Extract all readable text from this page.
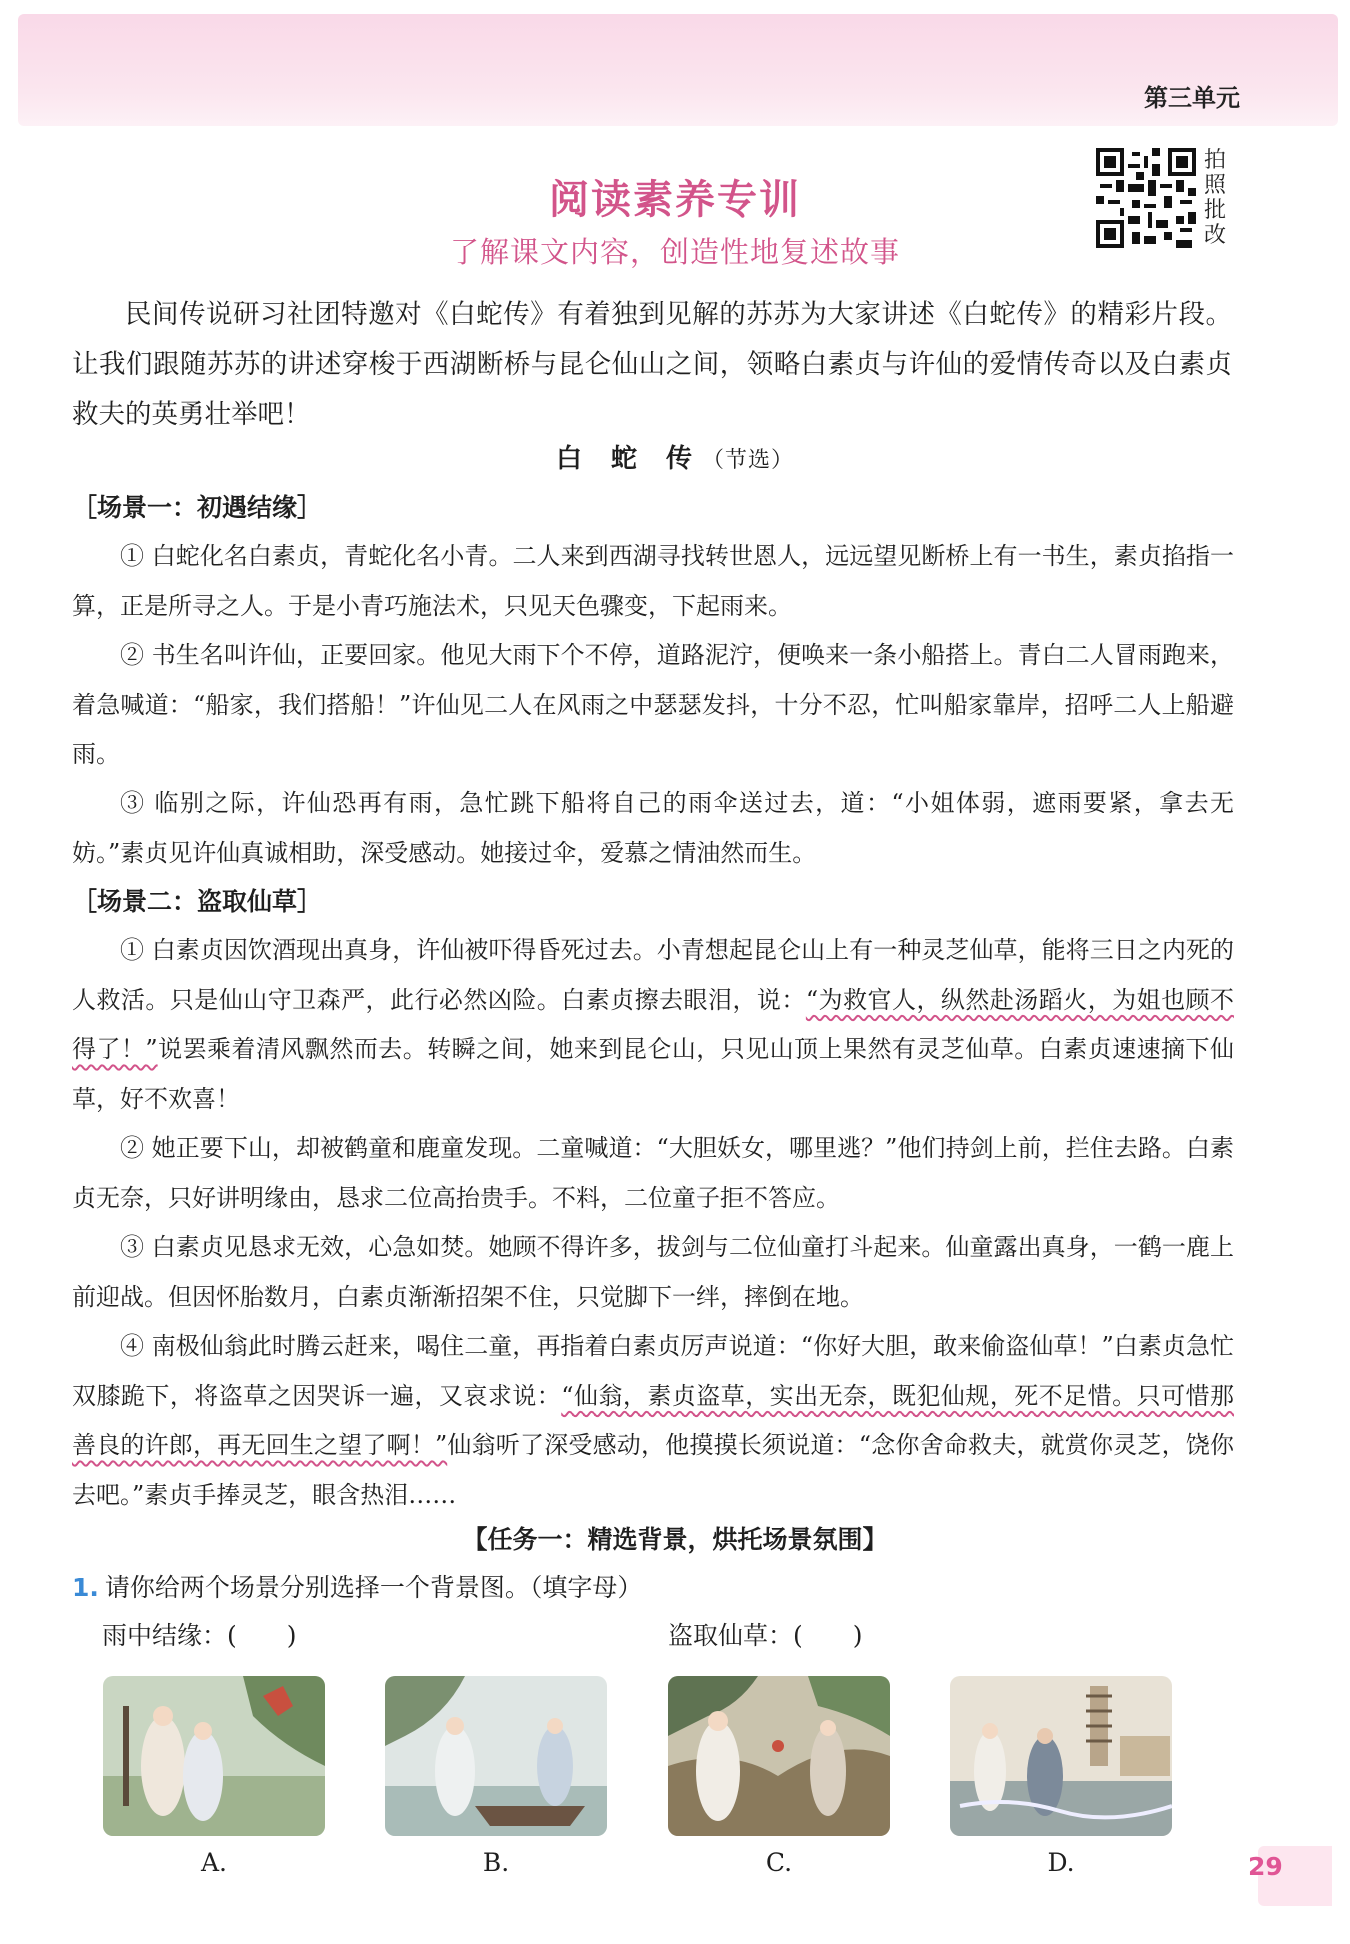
第三单元
拍照批改
阅读素养专训
了解课文内容，创造性地复述故事

民间传说研习社团特邀对《白蛇传》有着独到见解的苏苏为大家讲述《白蛇传》的精彩片段。让我们跟随苏苏的讲述穿梭于西湖断桥与昆仑仙山之间，领略白素贞与许仙的爱情传奇以及白素贞救夫的英勇壮举吧！

白 蛇 传（节选）
［场景一：初遇结缘］

① 白蛇化名白素贞，青蛇化名小青。二人来到西湖寻找转世恩人，远远望见断桥上有一书生，素贞掐指一算，正是所寻之人。于是小青巧施法术，只见天色骤变，下起雨来。

② 书生名叫许仙，正要回家。他见大雨下个不停，道路泥泞，便唤来一条小船搭上。青白二人冒雨跑来，着急喊道：“船家，我们搭船！”许仙见二人在风雨之中瑟瑟发抖，十分不忍，忙叫船家靠岸，招呼二人上船避雨。

③ 临别之际，许仙恐再有雨，急忙跳下船将自己的雨伞送过去，道：“小姐体弱，遮雨要紧，拿去无妨。”素贞见许仙真诚相助，深受感动。她接过伞，爱慕之情油然而生。

［场景二：盗取仙草］

① 白素贞因饮酒现出真身，许仙被吓得昏死过去。小青想起昆仑山上有一种灵芝仙草，能将三日之内死的人救活。只是仙山守卫森严，此行必然凶险。白素贞擦去眼泪，说：“为救官人，纵然赴汤蹈火，为姐也顾不得了！”说罢乘着清风飘然而去。转瞬之间，她来到昆仑山，只见山顶上果然有灵芝仙草。白素贞速速摘下仙草，好不欢喜！

② 她正要下山，却被鹤童和鹿童发现。二童喊道：“大胆妖女，哪里逃？”他们持剑上前，拦住去路。白素贞无奈，只好讲明缘由，恳求二位高抬贵手。不料，二位童子拒不答应。

③ 白素贞见恳求无效，心急如焚。她顾不得许多，拔剑与二位仙童打斗起来。仙童露出真身，一鹤一鹿上前迎战。但因怀胎数月，白素贞渐渐招架不住，只觉脚下一绊，摔倒在地。

④ 南极仙翁此时腾云赶来，喝住二童，再指着白素贞厉声说道：“你好大胆，敢来偷盗仙草！”白素贞急忙双膝跪下，将盗草之因哭诉一遍，又哀求说：“仙翁，素贞盗草，实出无奈，既犯仙规，死不足惜。只可惜那善良的许郎，再无回生之望了啊！”仙翁听了深受感动，他摸摸长须说道：“念你舍命救夫，就赏你灵芝，饶你去吧。”素贞手捧灵芝，眼含热泪……

【任务一：精选背景，烘托场景氛围】
1. 请你给两个场景分别选择一个背景图。（填字母）
雨中结缘：(　　)	盗取仙草：(　　)
A.	B.	C.	D.	29
